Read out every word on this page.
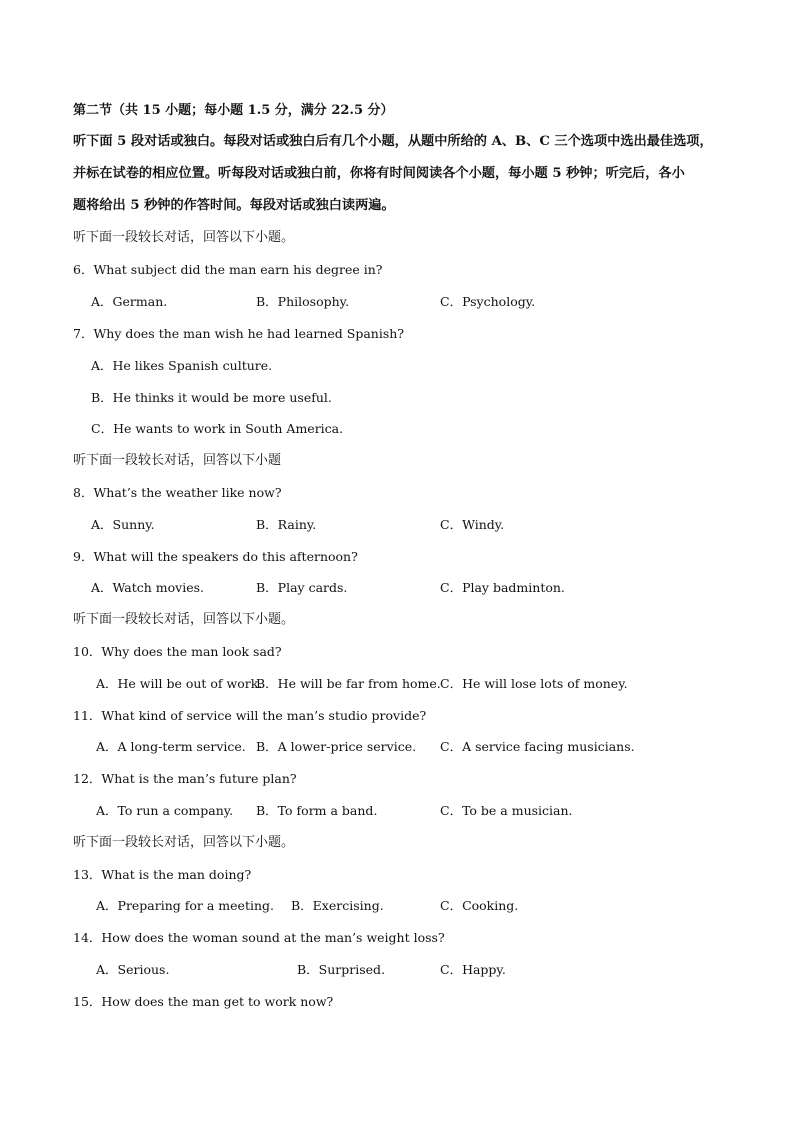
第二节（共 15 小题；每小题 1.5 分，满分 22.5 分）
听下面 5 段对话或独白。每段对话或独白后有几个小题，从题中所给的 A、B、C 三个选项中选出最佳选项，
并标在试卷的相应位置。听每段对话或独白前，你将有时间阅读各个小题，每小题 5 秒钟；听完后，各小
题将给出 5 秒钟的作答时间。每段对话或独白读两遍。
听下面一段较长对话，回答以下小题。
6．What subject did the man earn his degree in?
A．German.	B．Philosophy.	C．Psychology.
7．Why does the man wish he had learned Spanish?
A．He likes Spanish culture.
B．He thinks it would be more useful.
C．He wants to work in South America.
听下面一段较长对话，回答以下小题
8．What’s the weather like now?
A．Sunny.	B．Rainy.	C．Windy.
9．What will the speakers do this afternoon?
A．Watch movies.	B．Play cards.	C．Play badminton.
听下面一段较长对话，回答以下小题。
10．Why does the man look sad?
A．He will be out of work.
B．He will be far from home. C．He will lose lots of money.
11．What kind of service will the man’s studio provide?
A．A long-term service. B．A lower-price service. C．A service facing musicians.
12．What is the man’s future plan?
A．To run a company. B．To form a band.	C．To be a musician.
听下面一段较长对话，回答以下小题。
13．What is the man doing?
A．Preparing for a meeting. B．Exercising.	C．Cooking.
14．How does the woman sound at the man’s weight loss?
A．Serious.	B．Surprised.	C．Happy.
15．How does the man get to work now?
